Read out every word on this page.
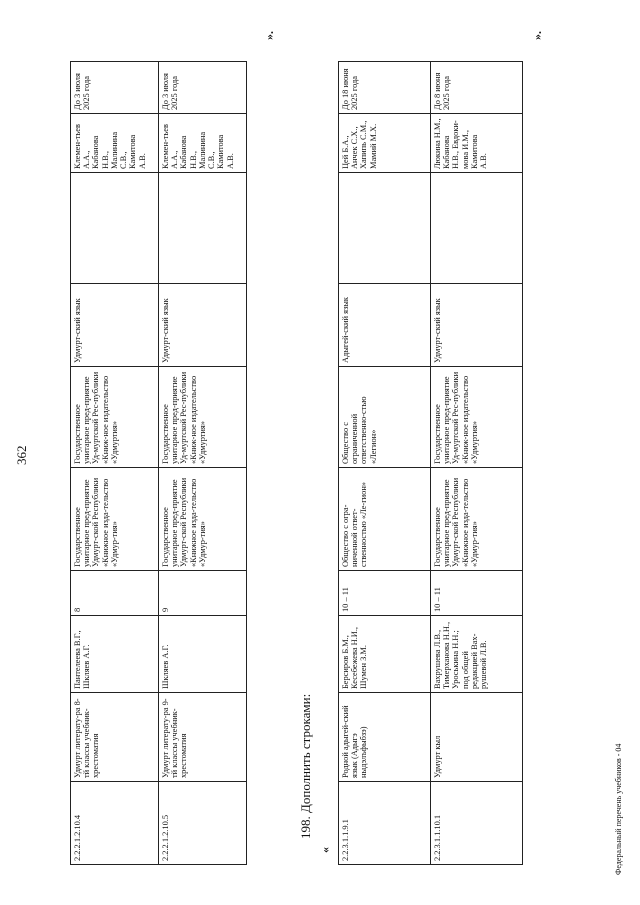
362
2.2.2.1.2.10.4	Удмурт литерату-ра 8-тй классы учебник-хрестоматия	Пантелеева В.Г., Шкляев А.Г.	8	Государственное унитарное пред-приятие Удмурт-ской Республики «Книжное изда-тельство «Удмур-тия»	Государственное унитарное пред-приятие Уд-муртской Рес-публики «Книж-ное издательство «Удмуртия»	Удмурт-ский язык		Клемен-тьев А.А., Кабанова Н.В., Малинина С.В., Камитова А.В.	До 3 июля 2025 года
2.2.2.1.2.10.5	Удмурт литерату-ра 9-тй классы учебник-хрестоматия	Шкляев А.Г.	9	Государственное унитарное пред-приятие Удмурт-ской Республики «Книжное изда-тельство «Удмур-тия»	Государственное унитарное пред-приятие Уд-муртской Рес-публики «Книж-ное издательство «Удмуртия»	Удмурт-ский язык		Клемен-тьев А.А., Кабанова Н.В., Малинина С.В., Камитова А.В.	До 3 июля 2025 года
».
198. Дополнить строками:
« 2.2.3.1.1.9.1	Родной адыгей-ский язык (Адыгэ ныдэлъфыбзэ)	Берсиров Б.М., Кесебежева Н.И., Шумен З.М.	10 – 11	Общество с огра-ниченной ответ-ственностью «Ле-гион»	Общество с ограниченной ответственно-стью «Легион»	Адыгей-ский язык		Цей Б.А., Анчек С.Х., Хапипь С.М., Мамий М.Х.	До 18 июня 2025 года
2.2.3.1.1.10.1	Удмурт кыл	Вахрушева Л.В., Тимерханова Н.Н., Уроськина Н.Н.; под общей редакцией Вах-рушевой Л.В.	10 – 11	Государственное унитарное пред-приятие Удмурт-ской Республики «Книжное изда-тельство «Удмур-тия»	Государственное унитарное пред-приятие Уд-муртской Рес-публики «Книж-ное издательство «Удмуртия»	Удмурт-ский язык		Люкина Н.М., Кабанова Н.В., Евдоки-мова И.М., Камитова А.В.	До 8 июня 2025 года
».
Федеральный перечень учебников - 04
